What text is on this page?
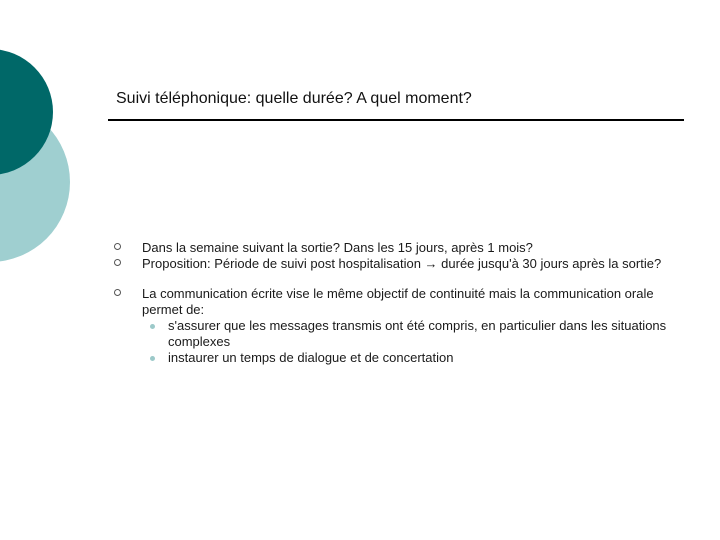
Suivi téléphonique: quelle durée? A quel moment?
Dans la semaine suivant la sortie? Dans les 15 jours, après 1 mois?
Proposition: Période de suivi post hospitalisation → durée jusqu'à 30 jours après la sortie?
La communication écrite vise le même objectif de continuité mais la communication orale permet de:
s'assurer que les messages transmis ont été compris, en particulier dans les situations complexes
instaurer un temps de dialogue et de concertation
